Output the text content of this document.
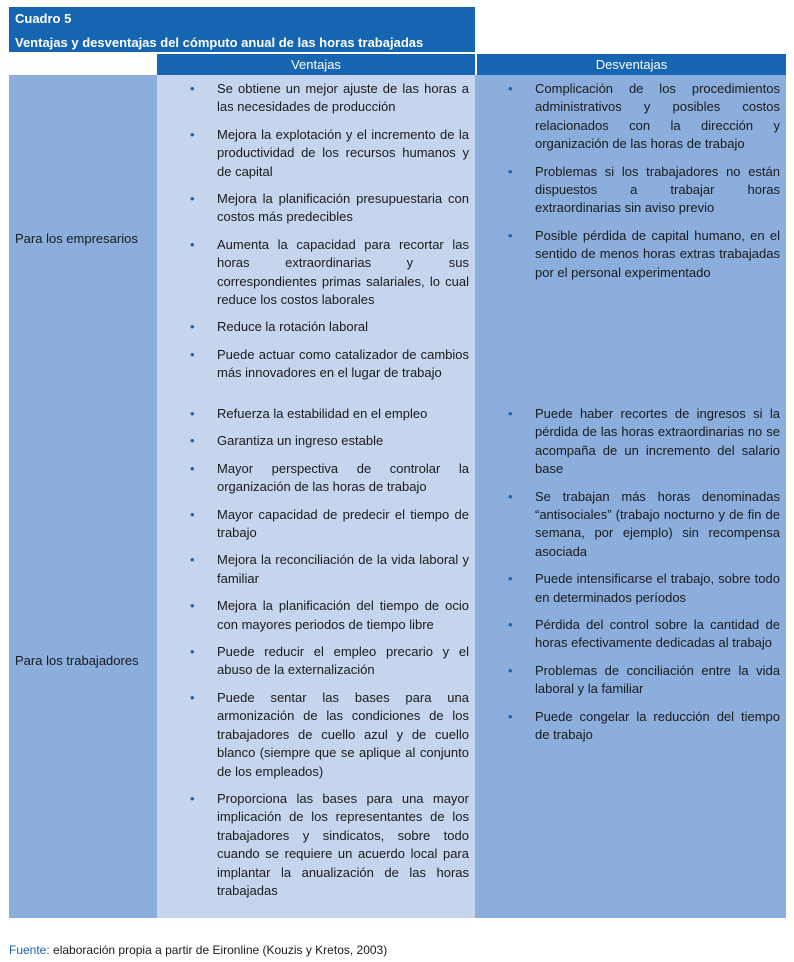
Cuadro 5
Ventajas y desventajas del cómputo anual de las horas trabajadas
Ventajas	Desventajas
Para los empresarios
Para los trabajadores
• Se obtiene un mejor ajuste de las horas a las necesidades de producción
• Mejora la explotación y el incremento de la productividad de los recursos humanos y de capital
• Mejora la planificación presupuestaria con costos más predecibles
• Aumenta la capacidad para recortar las horas extraordinarias y sus correspondientes primas salariales, lo cual reduce los costos laborales
• Reduce la rotación laboral
• Puede actuar como catalizador de cambios más innovadores en el lugar de trabajo
• Complicación de los procedimientos administrativos y posibles costos relacionados con la dirección y organización de las horas de trabajo
• Problemas si los trabajadores no están dispuestos a trabajar horas extraordinarias sin aviso previo
• Posible pérdida de capital humano, en el sentido de menos horas extras trabajadas por el personal experimentado
• Refuerza la estabilidad en el empleo
• Garantiza un ingreso estable
• Mayor perspectiva de controlar la organización de las horas de trabajo
• Mayor capacidad de predecir el tiempo de trabajo
• Mejora la reconciliación de la vida laboral y familiar
• Mejora la planificación del tiempo de ocio con mayores periodos de tiempo libre
• Puede reducir el empleo precario y el abuso de la externalización
• Puede sentar las bases para una armonización de las condiciones de los trabajadores de cuello azul y de cuello blanco (siempre que se aplique al conjunto de los empleados)
• Proporciona las bases para una mayor implicación de los representantes de los trabajadores y sindicatos, sobre todo cuando se requiere un acuerdo local para implantar la anualización de las horas trabajadas
• Puede haber recortes de ingresos si la pérdida de las horas extraordinarias no se acompaña de un incremento del salario base
• Se trabajan más horas denominadas “antisociales” (trabajo nocturno y de fin de semana, por ejemplo) sin recompensa asociada
• Puede intensificarse el trabajo, sobre todo en determinados períodos
• Pérdida del control sobre la cantidad de horas efectivamente dedicadas al trabajo
• Problemas de conciliación entre la vida laboral y la familiar
• Puede congelar la reducción del tiempo de trabajo
Fuente: elaboración propia a partir de Eironline (Kouzis y Kretos, 2003)
